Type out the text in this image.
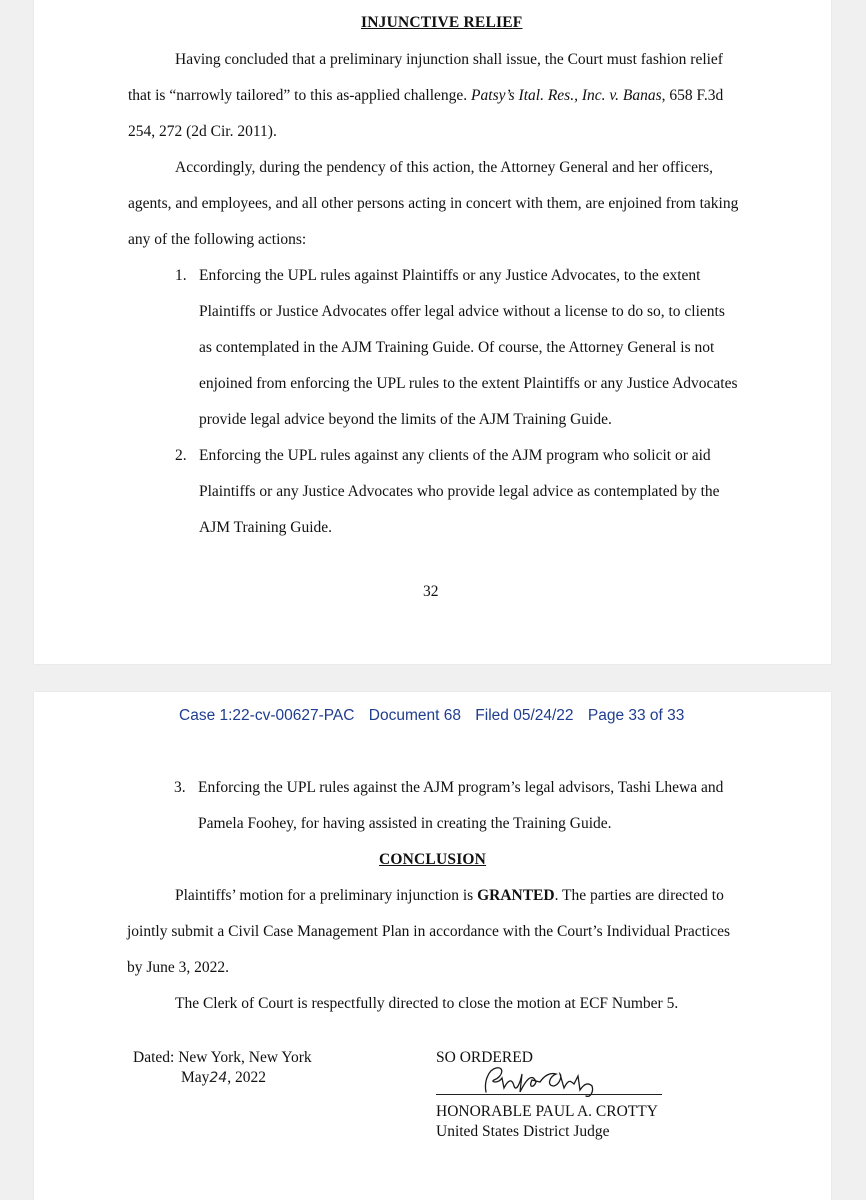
INJUNCTIVE RELIEF
Having concluded that a preliminary injunction shall issue, the Court must fashion relief
that is “narrowly tailored” to this as-applied challenge. Patsy’s Ital. Res., Inc. v. Banas, 658 F.3d
254, 272 (2d Cir. 2011).
Accordingly, during the pendency of this action, the Attorney General and her officers,
agents, and employees, and all other persons acting in concert with them, are enjoined from taking
any of the following actions:
1. Enforcing the UPL rules against Plaintiffs or any Justice Advocates, to the extent
Plaintiffs or Justice Advocates offer legal advice without a license to do so, to clients
as contemplated in the AJM Training Guide. Of course, the Attorney General is not
enjoined from enforcing the UPL rules to the extent Plaintiffs or any Justice Advocates
provide legal advice beyond the limits of the AJM Training Guide.
2. Enforcing the UPL rules against any clients of the AJM program who solicit or aid
Plaintiffs or any Justice Advocates who provide legal advice as contemplated by the
AJM Training Guide.
32
Case 1:22-cv-00627-PAC Document 68 Filed 05/24/22 Page 33 of 33
3. Enforcing the UPL rules against the AJM program’s legal advisors, Tashi Lhewa and
Pamela Foohey, for having assisted in creating the Training Guide.
CONCLUSION
Plaintiffs’ motion for a preliminary injunction is GRANTED. The parties are directed to
jointly submit a Civil Case Management Plan in accordance with the Court’s Individual Practices
by June 3, 2022.
The Clerk of Court is respectfully directed to close the motion at ECF Number 5.
Dated: New York, New York
May24, 2022
SO ORDERED
HONORABLE PAUL A. CROTTY
United States District Judge
